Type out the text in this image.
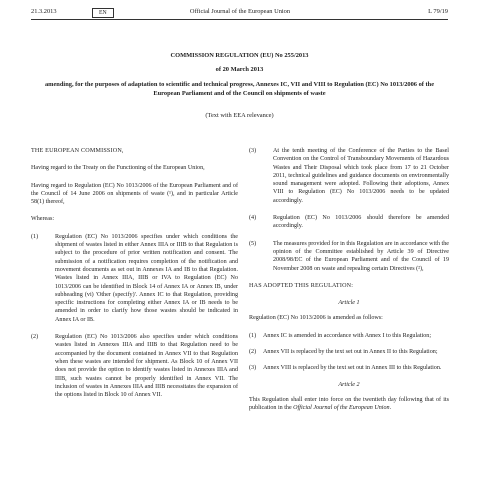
Official Journal of the European Union
21.3.2013	EN	L 79/19
COMMISSION REGULATION (EU) No 255/2013
of 20 March 2013
amending, for the purposes of adaptation to scientific and technical progress, Annexes IC, VII and VIII to Regulation (EC) No 1013/2006 of the European Parliament and of the Council on shipments of waste
(Text with EEA relevance)

THE EUROPEAN COMMISSION,

Having regard to the Treaty on the Functioning of the European Union,

Having regard to Regulation (EC) No 1013/2006 of the European Parliament and of the Council of 14 June 2006 on shipments of waste (¹), and in particular Article 58(1) thereof,

Whereas:

(1)	Regulation (EC) No 1013/2006 specifies under which conditions the shipment of wastes listed in either Annex IIIA or IIIB to that Regulation is subject to the procedure of prior written notification and consent. The submission of a notification requires completion of the notification and movement documents as set out in Annexes IA and IB to that Regulation. Wastes listed in Annex IIIA, IIIB or IVA to Regulation (EC) No 1013/2006 can be identified in Block 14 of Annex IA or Annex IB, under subheading (vi) 'Other (specify)'. Annex IC to that Regulation, providing specific instructions for completing either Annex IA or IB needs to be amended in order to clarify how those wastes should be indicated in Annex IA or IB.
(2)	Regulation (EC) No 1013/2006 also specifies under which conditions wastes listed in Annexes IIIA and IIIB to that Regulation need to be accompanied by the document contained in Annex VII to that Regulation when these wastes are intended for shipment. As Block 10 of Annex VII does not provide the option to identify wastes listed in Annexes IIIA and IIIB, such wastes cannot be properly identified in Annex VII. The inclusion of wastes in Annexes IIIA and IIIB necessitates the expansion of the options listed in Block 10 of Annex VII.
(3)	At the tenth meeting of the Conference of the Parties to the Basel Convention on the Control of Transboundary Movements of Hazardous Wastes and Their Disposal which took place from 17 to 21 October 2011, technical guidelines and guidance documents on environmentally sound management were adopted. Following their adoptions, Annex VIII to Regulation (EC) No 1013/2006 needs to be updated accordingly.
(4)	Regulation (EC) No 1013/2006 should therefore be amended accordingly.
(5)	The measures provided for in this Regulation are in accordance with the opinion of the Committee established by Article 39 of Directive 2008/98/EC of the European Parliament and of the Council of 19 November 2008 on waste and repealing certain Directives (²),

HAS ADOPTED THIS REGULATION:

Article 1

Regulation (EC) No 1013/2006 is amended as follows:

(1)	Annex IC is amended in accordance with Annex I to this Regulation;
(2)	Annex VII is replaced by the text set out in Annex II to this Regulation;
(3)	Annex VIII is replaced by the text set out in Annex III to this Regulation.
Article 2

This Regulation shall enter into force on the twentieth day following that of its publication in the Official Journal of the European Union.
